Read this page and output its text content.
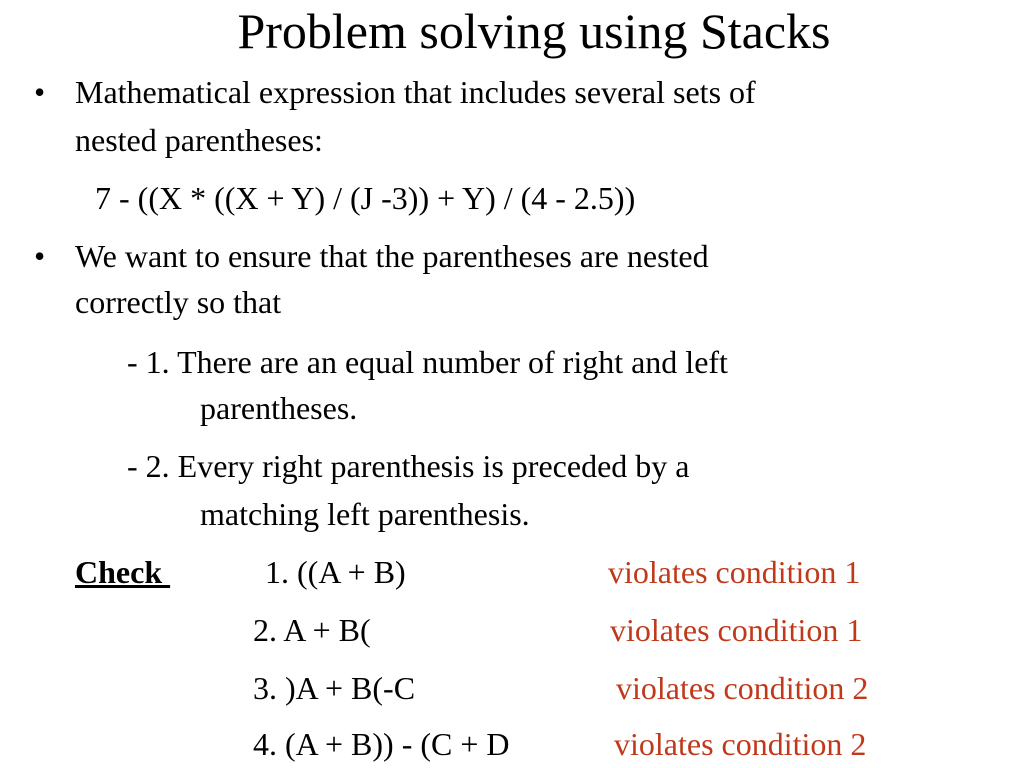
Problem solving using Stacks
• Mathematical expression that includes several sets of
nested parentheses:
7 - ((X * ((X + Y) / (J -3)) + Y) / (4 - 2.5))
• We want to ensure that the parentheses are nested
correctly so that
- 1. There are an equal number of right and left
parentheses.
- 2. Every right parenthesis is preceded by a
matching left parenthesis.
Check	1. ((A + B)	violates condition 1
2. A + B(	violates condition 1
3. )A + B(-C	violates condition 2
4. (A + B)) - (C + D	violates condition 2
